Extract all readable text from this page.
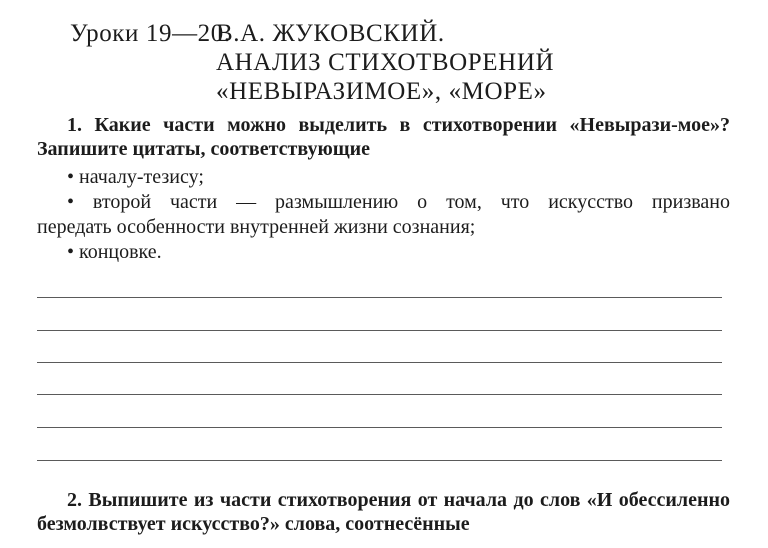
Уроки 19—20.В.А. ЖУКОВСКИЙ.
АНАЛИЗ СТИХОТВОРЕНИЙ
«НЕВЫРАЗИМОЕ», «МОРЕ»
1. Какие части можно выделить в стихотворении «Невырази-мое»? Запишите цитаты, соответствующие
• началу-тезису;
• второй части — размышлению о том, что искусство призвано
передать особенности внутренней жизни сознания;
• концовке.
2. Выпишите из части стихотворения от начала до слов «И обессиленно безмолвствует искусство?» слова, соотнесённые
